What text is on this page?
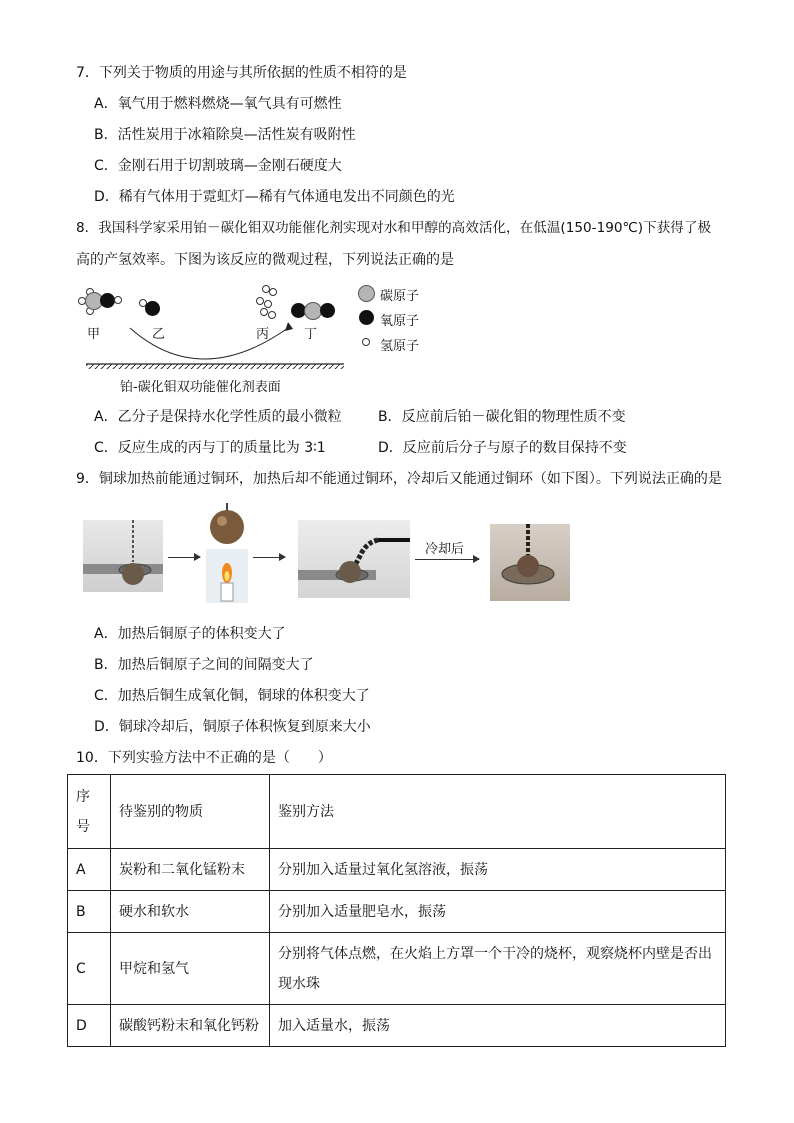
7．下列关于物质的用途与其所依据的性质不相符的是
A．氧气用于燃料燃烧—氧气具有可燃性
B．活性炭用于冰箱除臭—活性炭有吸附性
C．金刚石用于切割玻璃—金刚石硬度大
D．稀有气体用于霓虹灯—稀有气体通电发出不同颜色的光
8．我国科学家采用铂－碳化钼双功能催化剂实现对水和甲醇的高效活化，在低温(150-190℃)下获得了极
高的产氢效率。下图为该反应的微观过程，下列说法正确的是
甲	乙	丙	丁
铂-碳化钼双功能催化剂表面
碳原子
氧原子
氢原子
A．乙分子是保持水化学性质的最小微粒	B．反应前后铂－碳化钼的物理性质不变
C．反应生成的丙与丁的质量比为 3∶1	D．反应前后分子与原子的数目保持不变
9．铜球加热前能通过铜环，加热后却不能通过铜环，冷却后又能通过铜环（如下图）。下列说法正确的是
冷却后
A．加热后铜原子的体积变大了
B．加热后铜原子之间的间隔变大了
C．加热后铜生成氧化铜，铜球的体积变大了
D．铜球冷却后，铜原子体积恢复到原来大小
10．下列实验方法中不正确的是（　　）
序号	待鉴别的物质	鉴别方法
A	炭粉和二氧化锰粉末	分别加入适量过氧化氢溶液，振荡
B	硬水和软水	分别加入适量肥皂水，振荡
C	甲烷和氢气	分别将气体点燃，在火焰上方罩一个干冷的烧杯，观察烧杯内壁是否出现水珠
D	碳酸钙粉末和氧化钙粉	加入适量水，振荡
